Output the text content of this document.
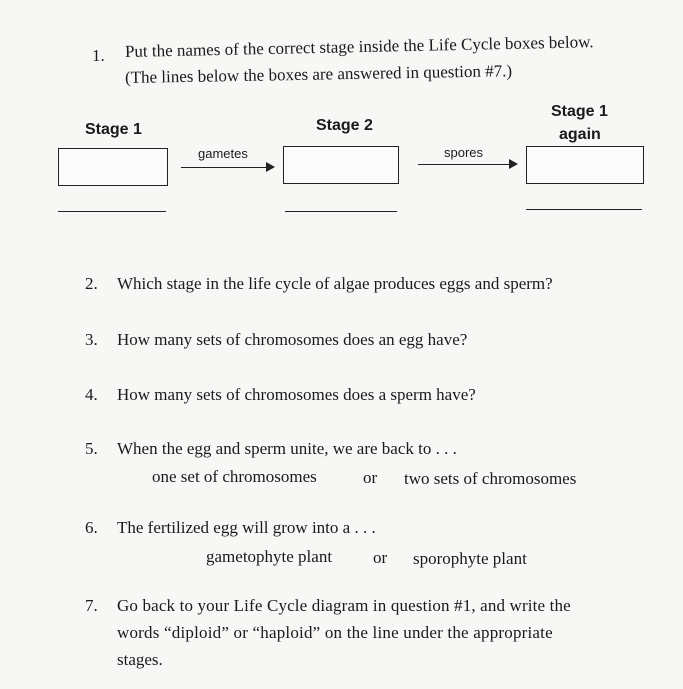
1. Put the names of the correct stage inside the Life Cycle boxes below.
(The lines below the boxes are answered in question #7.)
Stage 1	Stage 2
Stage 1
again
gametes	spores
2. Which stage in the life cycle of algae produces eggs and sperm?
3. How many sets of chromosomes does an egg have?
4. How many sets of chromosomes does a sperm have?
5. When the egg and sperm unite, we are back to . . .
one set of chromosomes	or two sets of chromosomes
6. The fertilized egg will grow into a . . .
gametophyte plant or sporophyte plant
7. Go back to your Life Cycle diagram in question #1, and write the
words “diploid” or “haploid” on the line under the appropriate
stages.
